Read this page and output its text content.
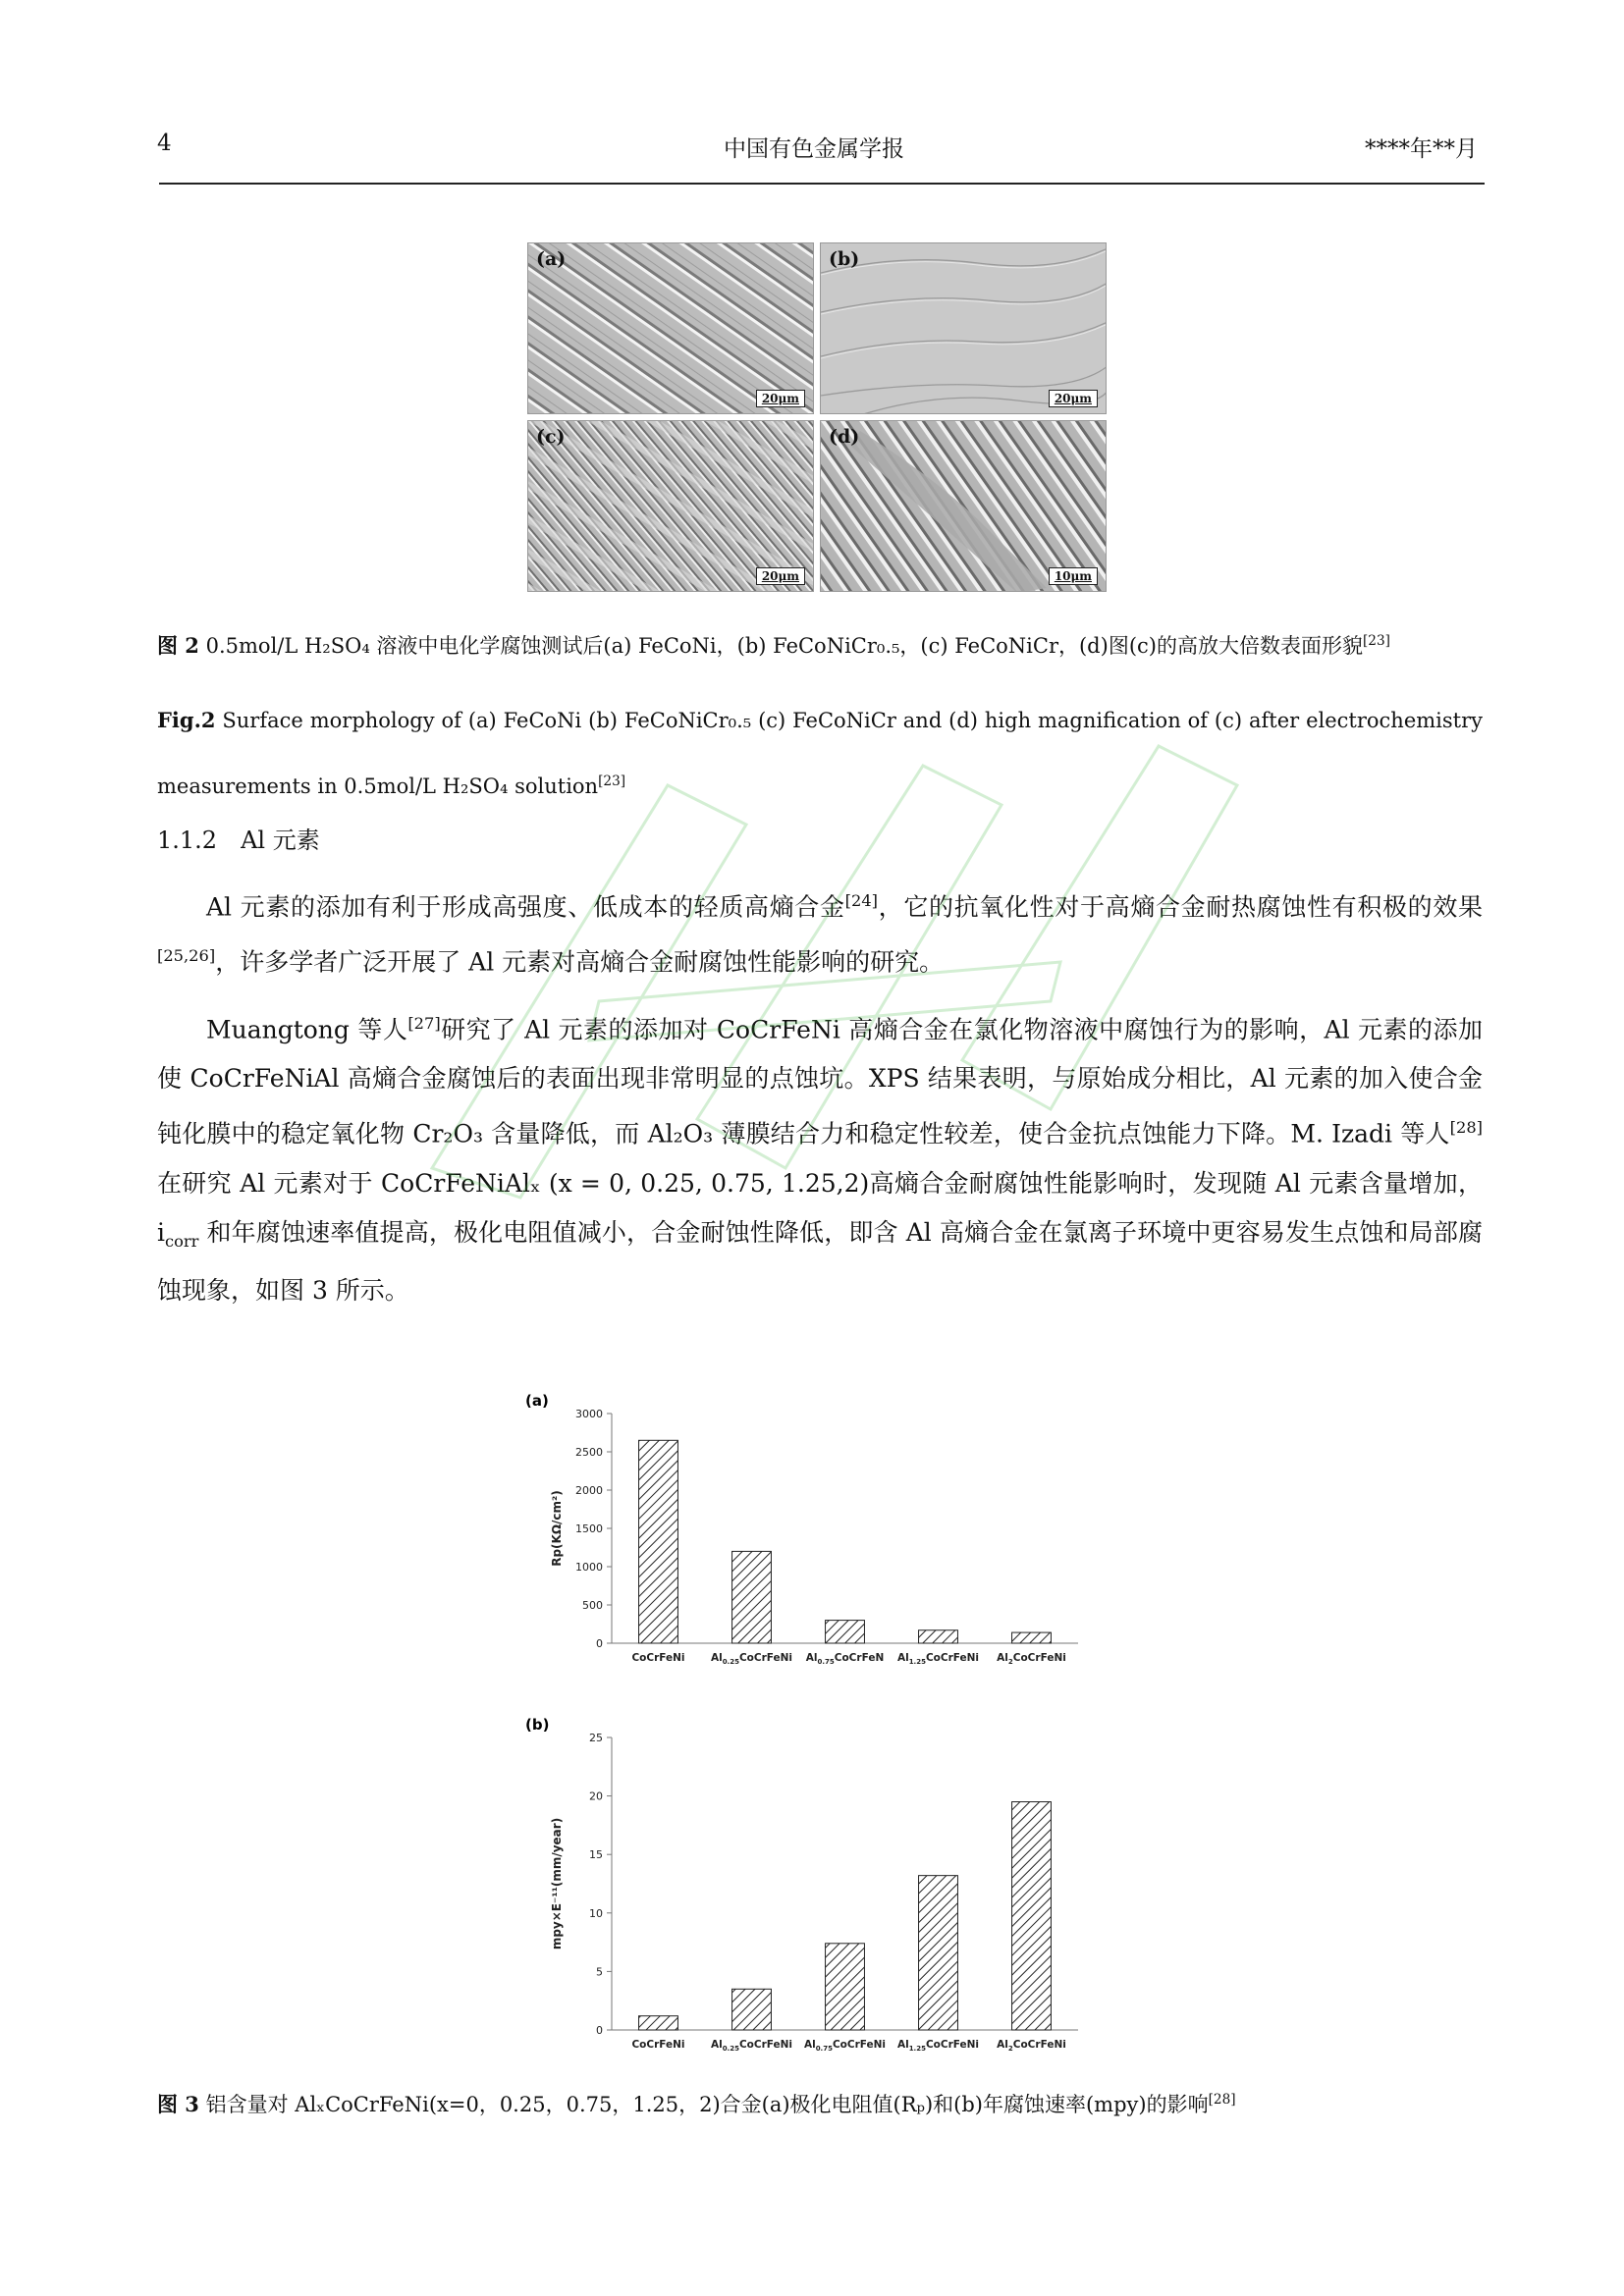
4	中国有色金属学报	****年**月
(a)
20μm
(b)
20μm
(c)
20μm
(d)
10μm
图 2 0.5mol/L H₂SO₄ 溶液中电化学腐蚀测试后(a) FeCoNi，(b) FeCoNiCr₀.₅，(c) FeCoNiCr，(d)图(c)的高放大倍数表面形貌[23]
Fig.2 Surface morphology of (a) FeCoNi (b) FeCoNiCr₀.₅ (c) FeCoNiCr and (d) high magnification of (c) after electrochemistry measurements in 0.5mol/L H₂SO₄ solution[23]
1.1.2　Al 元素
Al 元素的添加有利于形成高强度、低成本的轻质高熵合金[24]，它的抗氧化性对于高熵合金耐热腐蚀性有积极的效果[25,26]，许多学者广泛开展了 Al 元素对高熵合金耐腐蚀性能影响的研究。
Muangtong 等人[27]研究了 Al 元素的添加对 CoCrFeNi 高熵合金在氯化物溶液中腐蚀行为的影响，Al 元素的添加使 CoCrFeNiAl 高熵合金腐蚀后的表面出现非常明显的点蚀坑。XPS 结果表明，与原始成分相比，Al 元素的加入使合金钝化膜中的稳定氧化物 Cr₂O₃ 含量降低，而 Al₂O₃ 薄膜结合力和稳定性较差，使合金抗点蚀能力下降。M. Izadi 等人[28]在研究 Al 元素对于 CoCrFeNiAlₓ (x = 0, 0.25, 0.75, 1.25,2)高熵合金耐腐蚀性能影响时，发现随 Al 元素含量增加，$i_{corr}$ 和年腐蚀速率值提高，极化电阻值减小，合金耐蚀性降低，即含 Al 高熵合金在氯离子环境中更容易发生点蚀和局部腐蚀现象，如图 3 所示。
(a)
0
500
1000
1500
2000
2500
3000
Rp(KΩ/cm²)
CoCrFeNi	$Al_{0.25}CoCrFeNi$ $Al_{0.75}CoCrFeN$ $Al_{1.25}CoCrFeNi$ $Al_2CoCrFeNi$
(b)
0
5
10
15
20
25
mpy×E⁻¹¹(mm/year)
CoCrFeNi	$Al_{0.25}CoCrFeNi$ $Al_{0.75}CoCrFeNi$ $Al_{1.25}CoCrFeNi$ $Al_2CoCrFeNi$
图 3 铝含量对 AlₓCoCrFeNi(x=0，0.25，0.75，1.25，2)合金(a)极化电阻值(Rₚ)和(b)年腐蚀速率(mpy)的影响[28]
